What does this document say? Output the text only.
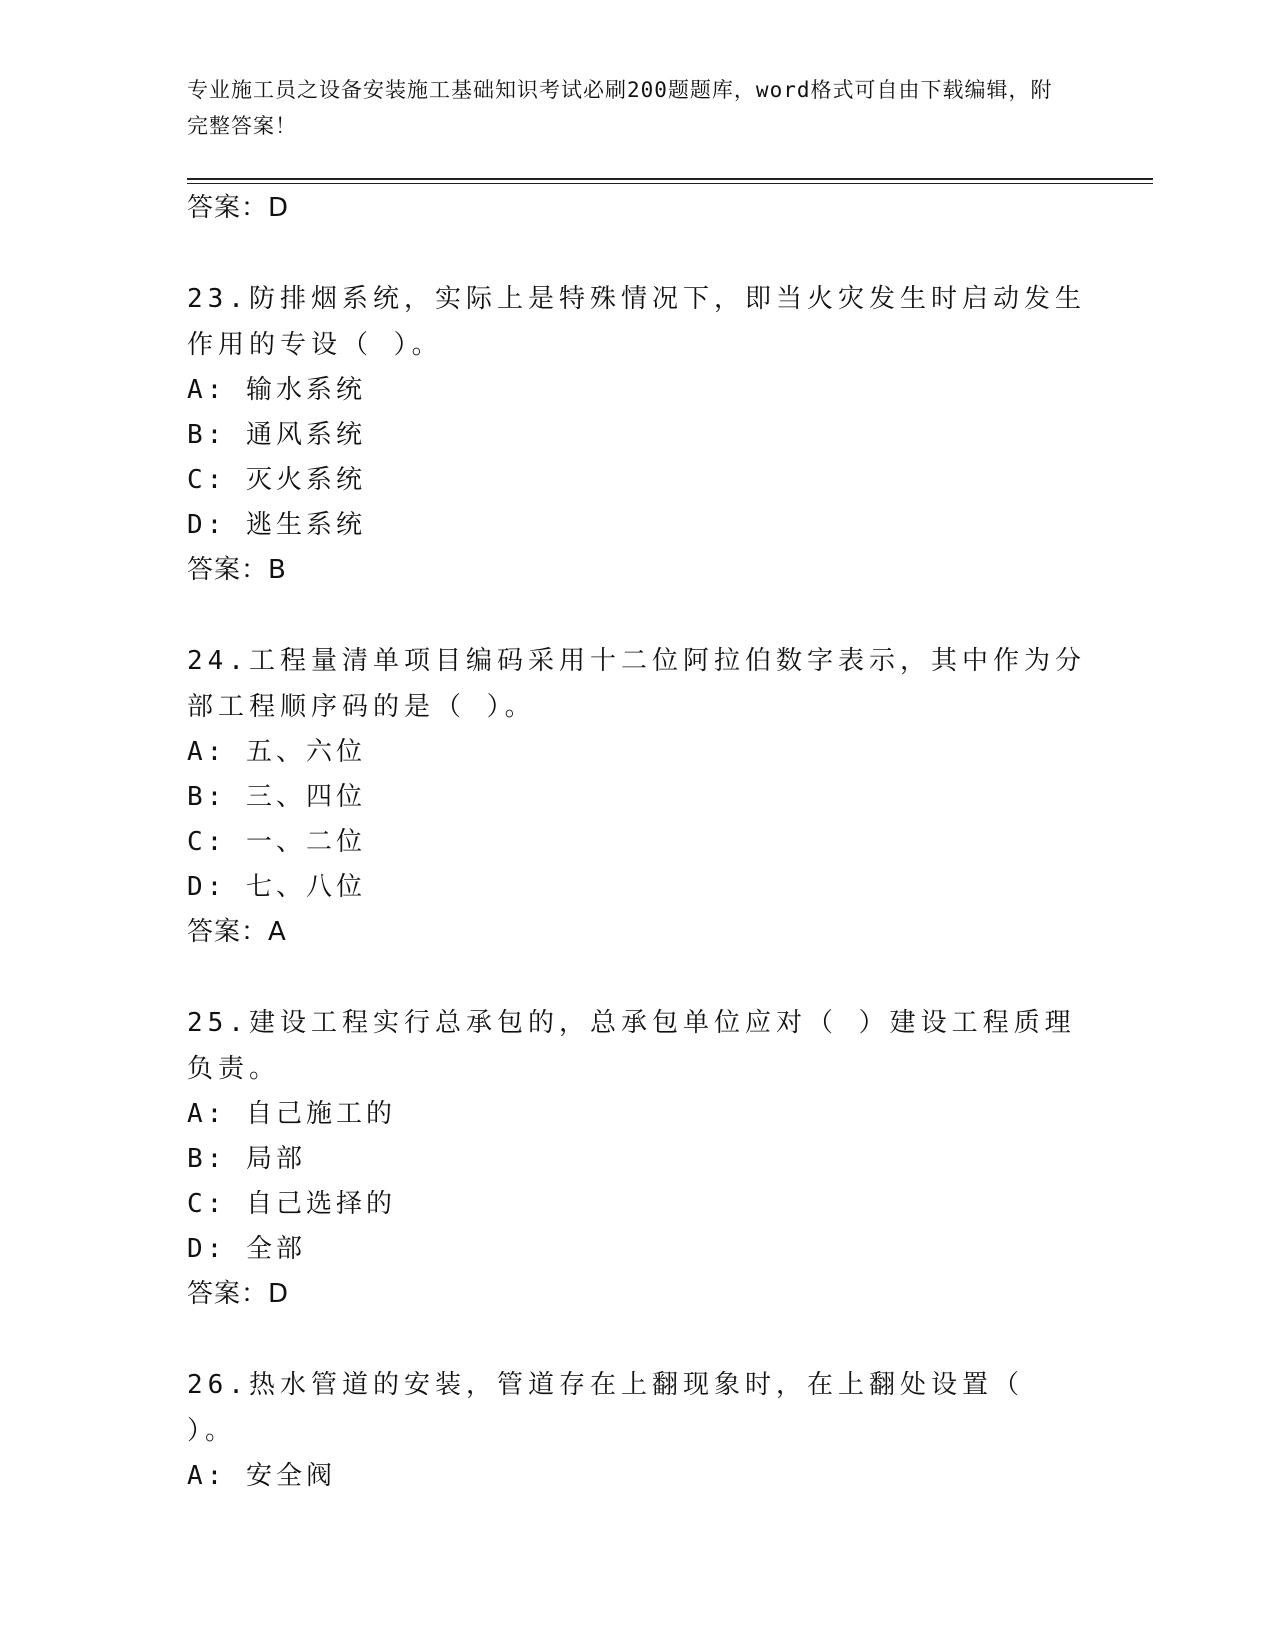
专业施工员之设备安装施工基础知识考试必刷200题题库，word格式可自由下载编辑，附完整答案！
答案：D
23.防排烟系统，实际上是特殊情况下，即当火灾发生时启动发生作用的专设（ ）。
A: 输水系统
B: 通风系统
C: 灭火系统
D: 逃生系统
答案：B
24.工程量清单项目编码采用十二位阿拉伯数字表示，其中作为分部工程顺序码的是（ ）。
A: 五、六位
B: 三、四位
C: 一、二位
D: 七、八位
答案：A
25.建设工程实行总承包的，总承包单位应对（ ）建设工程质理负责。
A: 自己施工的
B: 局部
C: 自己选择的
D: 全部
答案：D
26.热水管道的安装，管道存在上翻现象时，在上翻处设置（ ）。
A: 安全阀
